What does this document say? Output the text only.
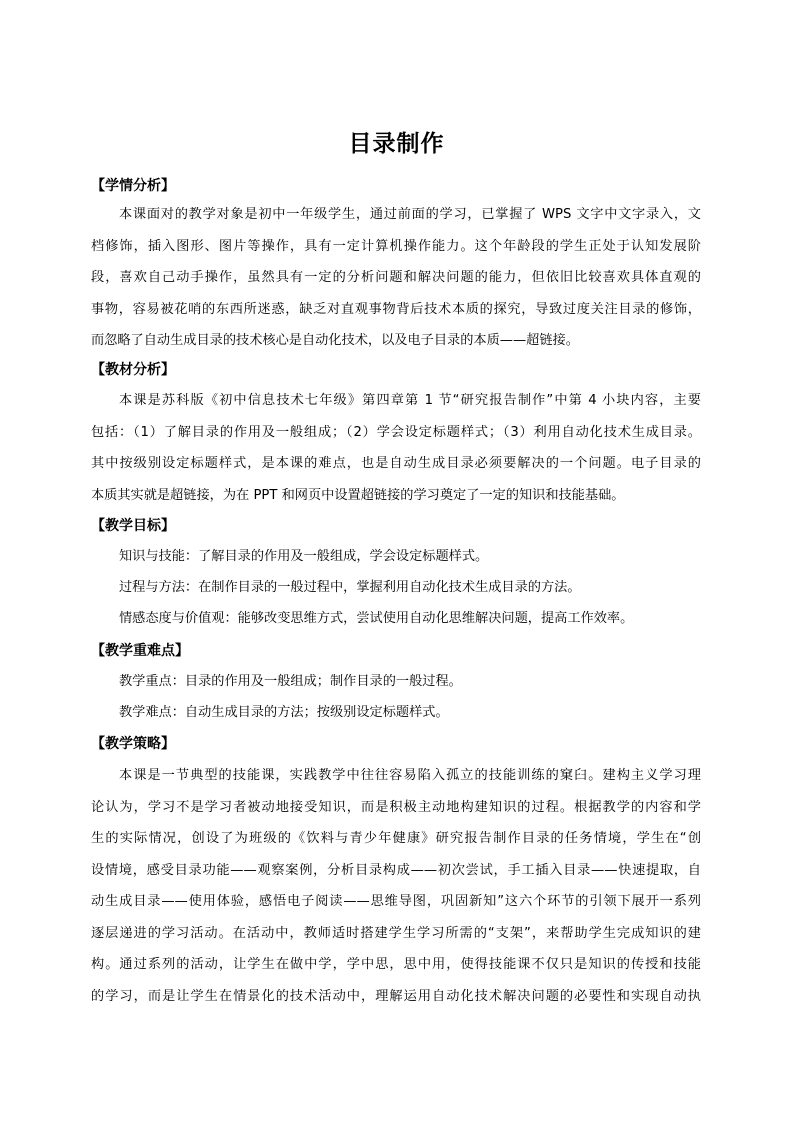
目录制作
【学情分析】
本课面对的教学对象是初中一年级学生，通过前面的学习，已掌握了 WPS 文字中文字录入，文
档修饰，插入图形、图片等操作，具有一定计算机操作能力。这个年龄段的学生正处于认知发展阶
段，喜欢自己动手操作，虽然具有一定的分析问题和解决问题的能力，但依旧比较喜欢具体直观的
事物，容易被花哨的东西所迷惑，缺乏对直观事物背后技术本质的探究，导致过度关注目录的修饰，
而忽略了自动生成目录的技术核心是自动化技术，以及电子目录的本质——超链接。
【教材分析】
本课是苏科版《初中信息技术七年级》第四章第 1 节“研究报告制作”中第 4 小块内容，主要
包括：（1）了解目录的作用及一般组成；（2）学会设定标题样式；（3）利用自动化技术生成目录。
其中按级别设定标题样式，是本课的难点，也是自动生成目录必须要解决的一个问题。电子目录的
本质其实就是超链接，为在 PPT 和网页中设置超链接的学习奠定了一定的知识和技能基础。
【教学目标】
知识与技能：了解目录的作用及一般组成，学会设定标题样式。
过程与方法：在制作目录的一般过程中，掌握利用自动化技术生成目录的方法。
情感态度与价值观：能够改变思维方式，尝试使用自动化思维解决问题，提高工作效率。
【教学重难点】
教学重点：目录的作用及一般组成；制作目录的一般过程。
教学难点：自动生成目录的方法；按级别设定标题样式。
【教学策略】
本课是一节典型的技能课，实践教学中往往容易陷入孤立的技能训练的窠臼。建构主义学习理
论认为，学习不是学习者被动地接受知识，而是积极主动地构建知识的过程。根据教学的内容和学
生的实际情况，创设了为班级的《饮料与青少年健康》研究报告制作目录的任务情境，学生在“创
设情境，感受目录功能——观察案例，分析目录构成——初次尝试，手工插入目录——快速提取，自
动生成目录——使用体验，感悟电子阅读——思维导图，巩固新知”这六个环节的引领下展开一系列
逐层递进的学习活动。在活动中，教师适时搭建学生学习所需的“支架”，来帮助学生完成知识的建
构。通过系列的活动，让学生在做中学，学中思，思中用，使得技能课不仅只是知识的传授和技能
的学习，而是让学生在情景化的技术活动中，理解运用自动化技术解决问题的必要性和实现自动执
